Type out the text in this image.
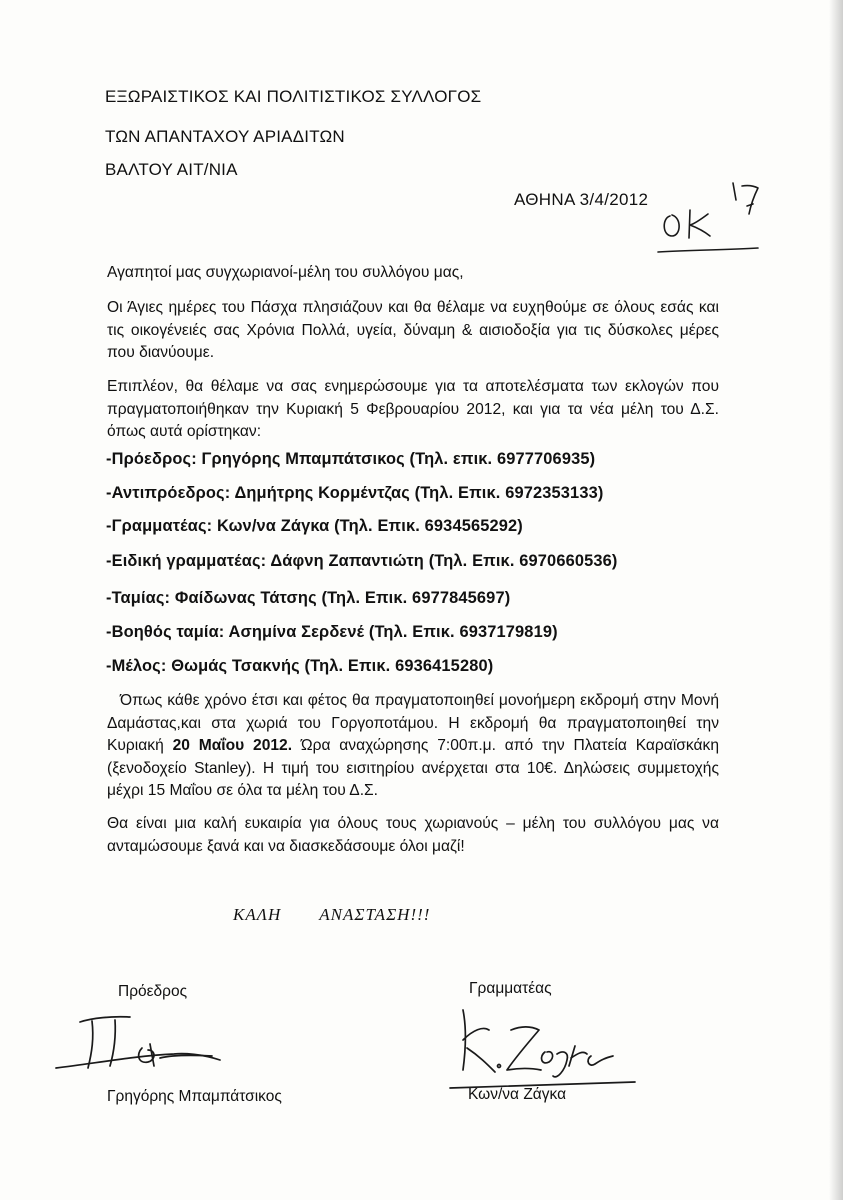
ΕΞΩΡΑΙΣΤΙΚΟΣ ΚΑΙ ΠΟΛΙΤΙΣΤΙΚΟΣ ΣΥΛΛΟΓΟΣ
ΤΩΝ ΑΠΑΝΤΑΧΟΥ ΑΡΙΑΔΙΤΩΝ
ΒΑΛΤΟΥ ΑΙΤ/ΝΙΑ
ΑΘΗΝΑ 3/4/2012

Αγαπητοί μας συγχωριανοί-μέλη του συλλόγου μας,

Οι Άγιες ημέρες του Πάσχα πλησιάζουν και θα θέλαμε να ευχηθούμε σε όλους εσάς και τις οικογένειές σας Χρόνια Πολλά, υγεία, δύναμη & αισιοδοξία για τις δύσκολες μέρες που διανύουμε.

Επιπλέον, θα θέλαμε να σας ενημερώσουμε για τα αποτελέσματα των εκλογών που πραγματοποιήθηκαν την Κυριακή 5 Φεβρουαρίου 2012, και για τα νέα μέλη του Δ.Σ. όπως αυτά ορίστηκαν:

-Πρόεδρος: Γρηγόρης Μπαμπάτσικος (Τηλ. επικ. 6977706935)
-Αντιπρόεδρος: Δημήτρης Κορμέντζας (Τηλ. Επικ. 6972353133)
-Γραμματέας: Κων/να Ζάγκα (Τηλ. Επικ. 6934565292)
-Ειδική γραμματέας: Δάφνη Ζαπαντιώτη (Τηλ. Επικ. 6970660536)
-Ταμίας: Φαίδωνας Τάτσης (Τηλ. Επικ. 6977845697)
-Βοηθός ταμία: Ασημίνα Σερδενέ (Τηλ. Επικ. 6937179819)
-Μέλος: Θωμάς Τσακνής (Τηλ. Επικ. 6936415280)

Όπως κάθε χρόνο έτσι και φέτος θα πραγματοποιηθεί μονοήμερη εκδρομή στην Μονή Δαμάστας,και στα χωριά του Γοργοποτάμου. Η εκδρομή θα πραγματοποιηθεί την Κυριακή 20 Μαΐου 2012. Ώρα αναχώρησης 7:00π.μ. από την Πλατεία Καραϊσκάκη (ξενοδοχείο Stanley). Η τιμή του εισιτηρίου ανέρχεται στα 10€. Δηλώσεις συμμετοχής μέχρι 15 Μαΐου σε όλα τα μέλη του Δ.Σ.

Θα είναι μια καλή ευκαιρία για όλους τους χωριανούς – μέλη του συλλόγου μας να ανταμώσουμε ξανά και να διασκεδάσουμε όλοι μαζί!

ΚΑΛΗ ΑΝΑΣΤΑΣΗ!!!
Πρόεδρος	Γραμματέας
Γρηγόρης Μπαμπάτσικος	Κων/να Ζάγκα
